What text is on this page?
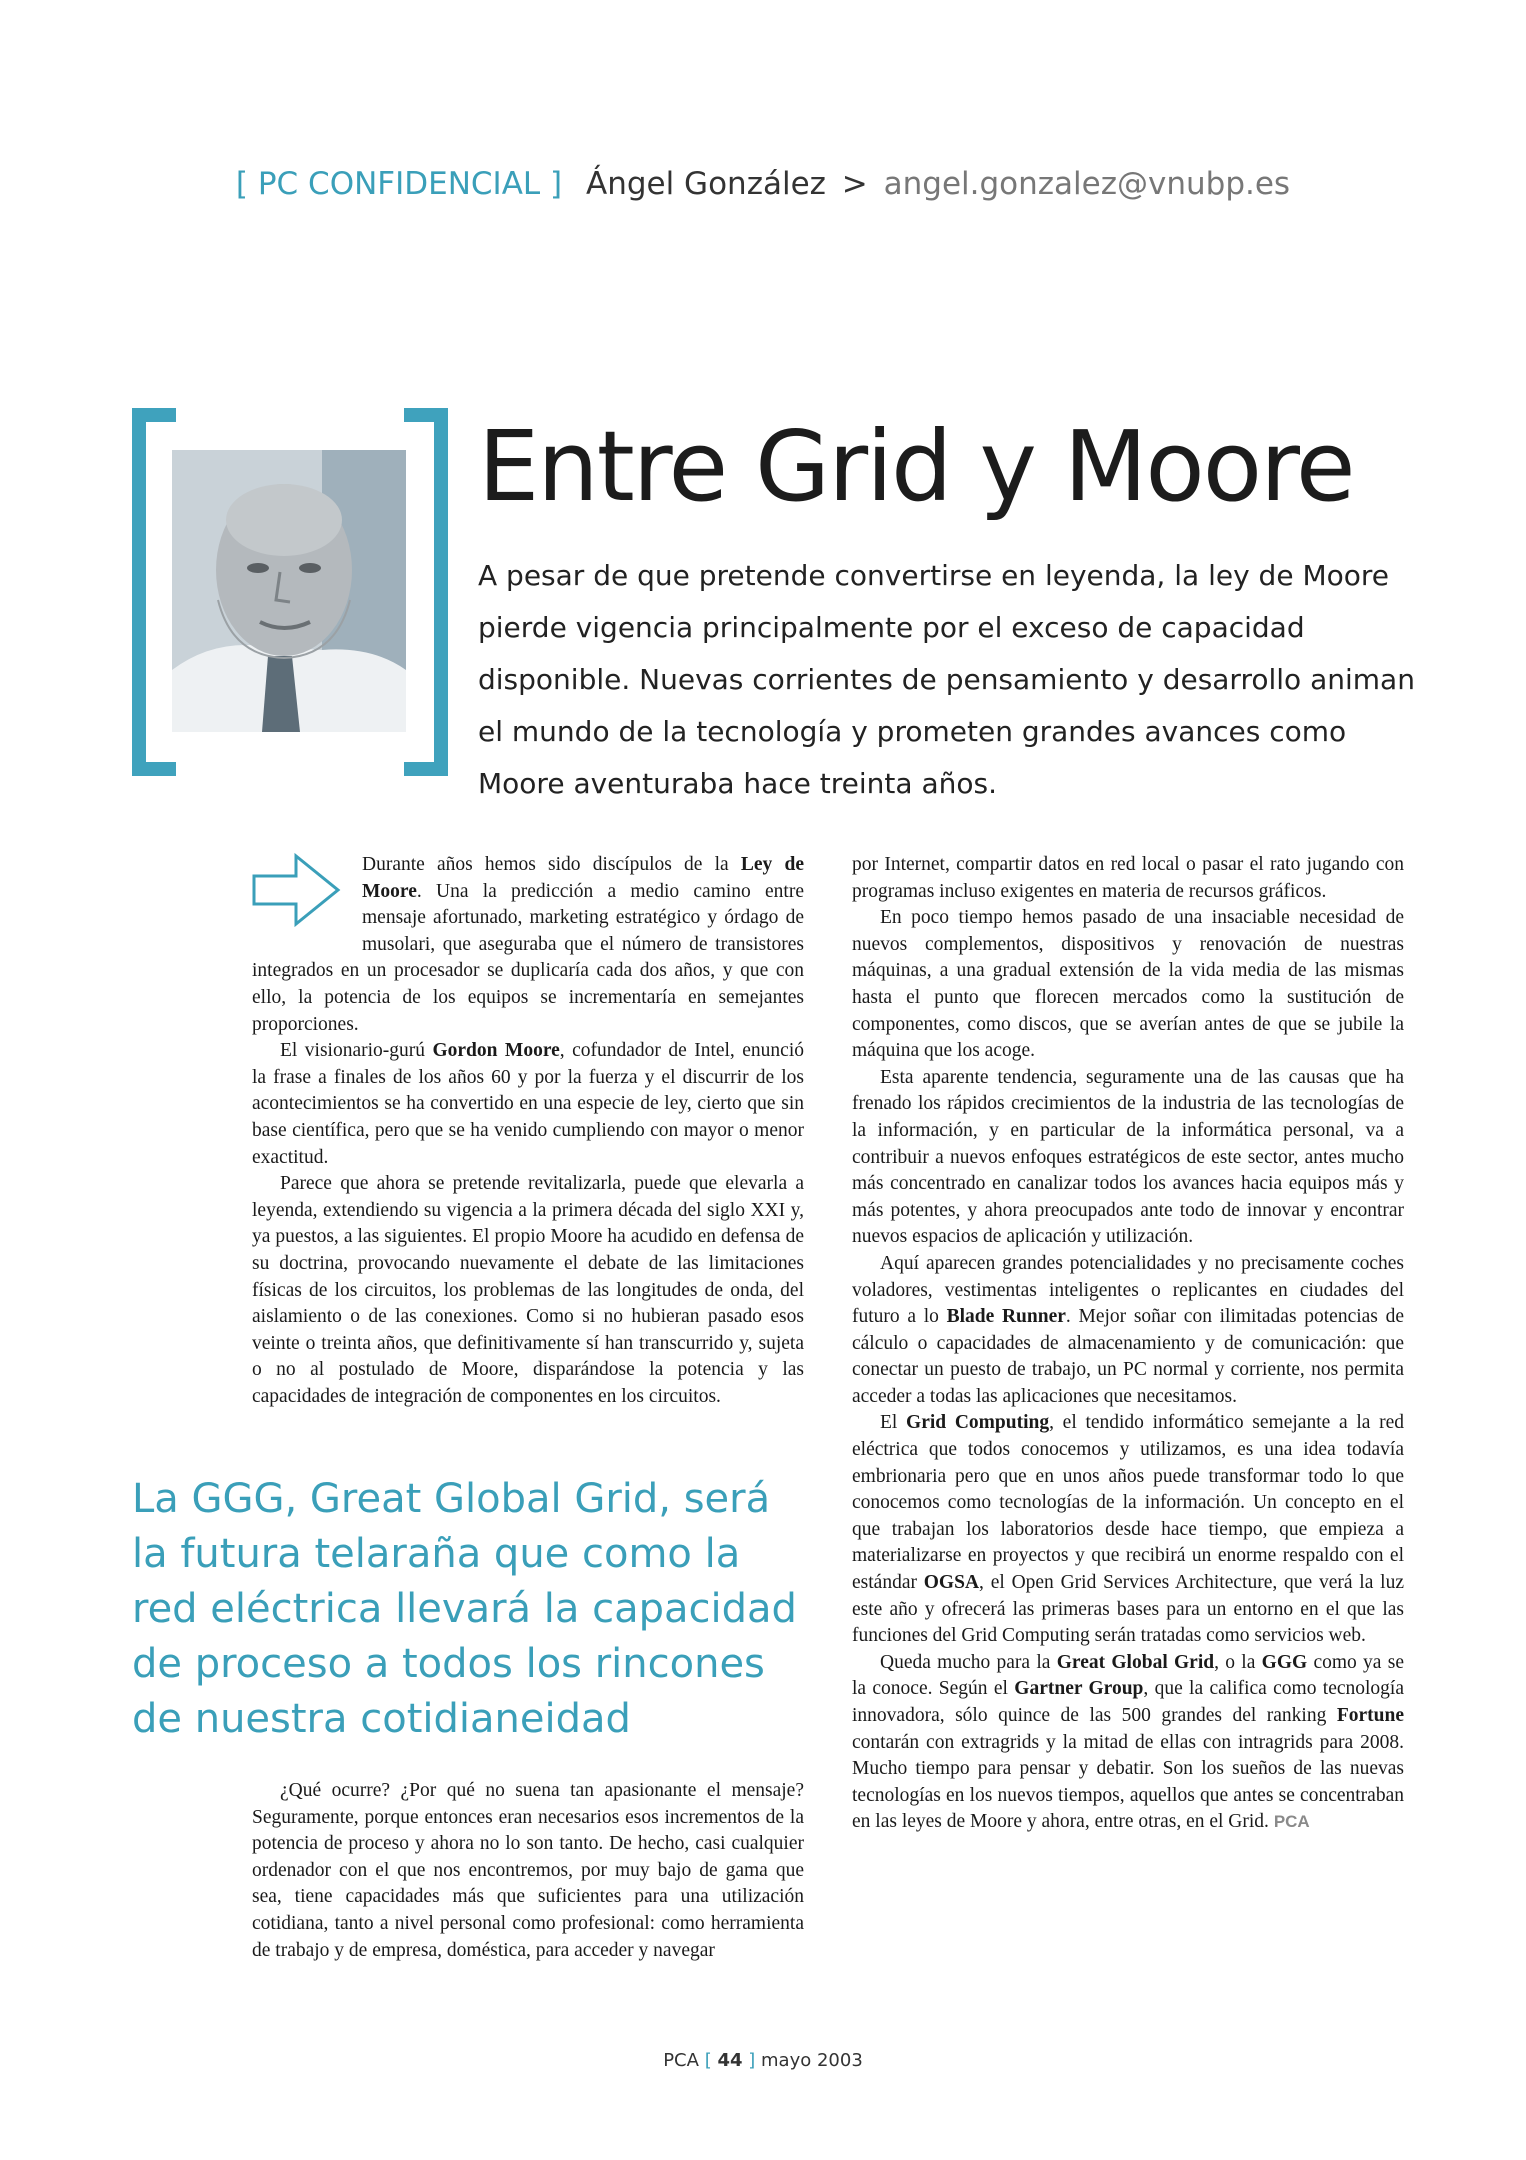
[ PC CONFIDENCIAL ] Ángel González > angel.gonzalez@vnubp.es
Entre Grid y Moore

A pesar de que pretende convertirse en leyenda, la ley de Moore pierde vigencia principalmente por el exceso de capacidad disponible. Nuevas corrientes de pensamiento y desarrollo animan el mundo de la tecnología y prometen grandes avances como Moore aventuraba hace treinta años.

Durante años hemos sido discípulos de la Ley de Moore. Una la predicción a medio camino entre mensaje afortunado, marketing estratégico y órdago de musolari, que aseguraba que el número de transistores integrados en un procesador se duplicaría cada dos años, y que con ello, la potencia de los equipos se incrementaría en semejantes proporciones.

El visionario-gurú Gordon Moore, cofundador de Intel, enunció la frase a finales de los años 60 y por la fuerza y el discurrir de los acontecimientos se ha convertido en una especie de ley, cierto que sin base científica, pero que se ha venido cumpliendo con mayor o menor exactitud.

Parece que ahora se pretende revitalizarla, puede que elevarla a leyenda, extendiendo su vigencia a la primera década del siglo XXI y, ya puestos, a las siguientes. El propio Moore ha acudido en defensa de su doctrina, provocando nuevamente el debate de las limitaciones físicas de los circuitos, los problemas de las longitudes de onda, del aislamiento o de las conexiones. Como si no hubieran pasado esos veinte o treinta años, que definitivamente sí han transcurrido y, sujeta o no al postulado de Moore, disparándose la potencia y las capacidades de integración de componentes en los circuitos.

La GGG, Great Global Grid, será la futura telaraña que como la red eléctrica llevará la capacidad de proceso a todos los rincones de nuestra cotidianeidad

¿Qué ocurre? ¿Por qué no suena tan apasionante el mensaje? Seguramente, porque entonces eran necesarios esos incrementos de la potencia de proceso y ahora no lo son tanto. De hecho, casi cualquier ordenador con el que nos encontremos, por muy bajo de gama que sea, tiene capacidades más que suficientes para una utilización cotidiana, tanto a nivel personal como profesional: como herramienta de trabajo y de empresa, doméstica, para acceder y navegar

por Internet, compartir datos en red local o pasar el rato jugando con programas incluso exigentes en materia de recursos gráficos.

En poco tiempo hemos pasado de una insaciable necesidad de nuevos complementos, dispositivos y renovación de nuestras máquinas, a una gradual extensión de la vida media de las mismas hasta el punto que florecen mercados como la sustitución de componentes, como discos, que se averían antes de que se jubile la máquina que los acoge.

Esta aparente tendencia, seguramente una de las causas que ha frenado los rápidos crecimientos de la industria de las tecnologías de la información, y en particular de la informática personal, va a contribuir a nuevos enfoques estratégicos de este sector, antes mucho más concentrado en canalizar todos los avances hacia equipos más y más potentes, y ahora preocupados ante todo de innovar y encontrar nuevos espacios de aplicación y utilización.

Aquí aparecen grandes potencialidades y no precisamente coches voladores, vestimentas inteligentes o replicantes en ciudades del futuro a lo Blade Runner. Mejor soñar con ilimitadas potencias de cálculo o capacidades de almacenamiento y de comunicación: que conectar un puesto de trabajo, un PC normal y corriente, nos permita acceder a todas las aplicaciones que necesitamos.

El Grid Computing, el tendido informático semejante a la red eléctrica que todos conocemos y utilizamos, es una idea todavía embrionaria pero que en unos años puede transformar todo lo que conocemos como tecnologías de la información. Un concepto en el que trabajan los laboratorios desde hace tiempo, que empieza a materializarse en proyectos y que recibirá un enorme respaldo con el estándar OGSA, el Open Grid Services Architecture, que verá la luz este año y ofrecerá las primeras bases para un entorno en el que las funciones del Grid Computing serán tratadas como servicios web.

Queda mucho para la Great Global Grid, o la GGG como ya se la conoce. Según el Gartner Group, que la califica como tecnología innovadora, sólo quince de las 500 grandes del ranking Fortune contarán con extragrids y la mitad de ellas con intragrids para 2008. Mucho tiempo para pensar y debatir. Son los sueños de las nuevas tecnologías en los nuevos tiempos, aquellos que antes se concentraban en las leyes de Moore y ahora, entre otras, en el Grid. PCA

PCA [ 44 ] mayo 2003
